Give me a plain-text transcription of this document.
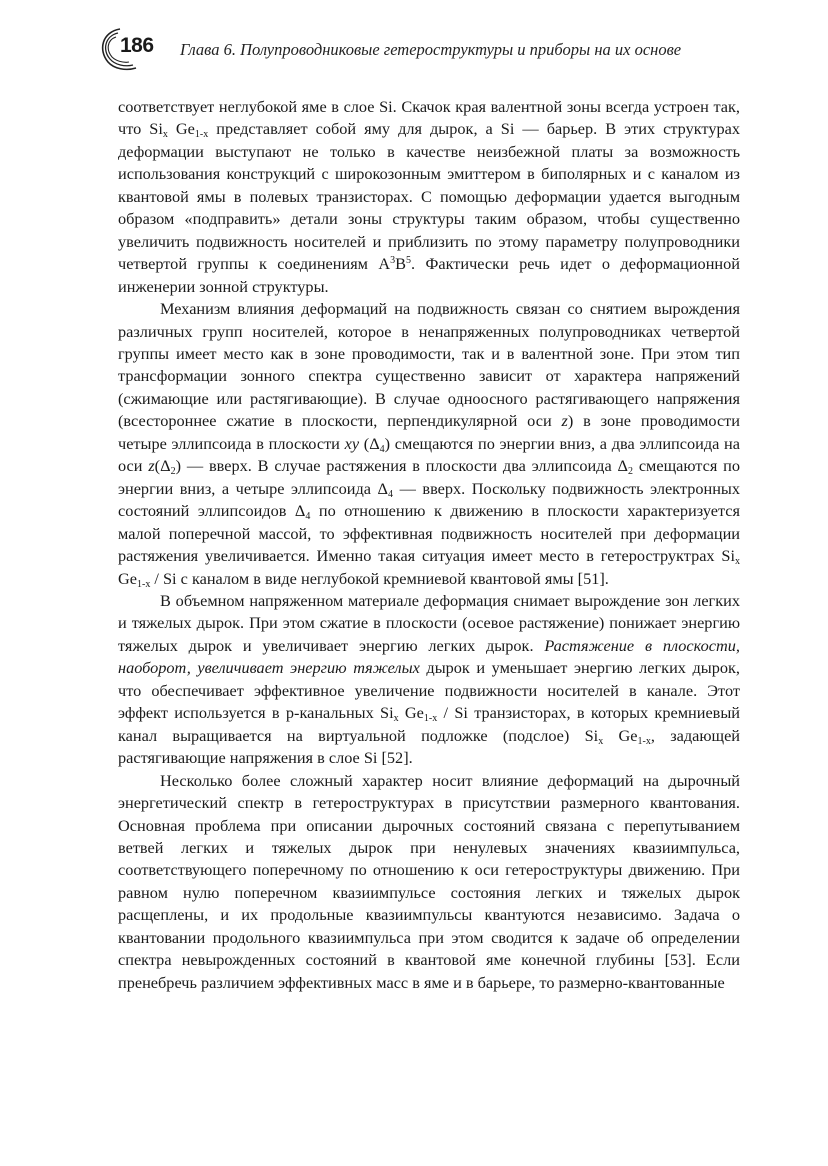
186 Глава 6. Полупроводниковые гетероструктуры и приборы на их основе

соответствует неглубокой яме в слое Si. Скачок края валентной зоны всегда устроен так, что $Si_x$ $Ge_{1-x}$ представляет собой яму для дырок, а Si — барьер. В этих структурах деформации выступают не только в качестве неизбежной платы за возможность использования конструкций с широкозонным эмиттером в биполярных и с каналом из квантовой ямы в полевых транзисторах. С помощью деформации удается выгодным образом «подправить» детали зоны структуры таким образом, чтобы существенно увеличить подвижность носителей и приблизить по этому параметру полупроводники четвертой группы к соединениям $A^3B^5$. Фактически речь идет о деформационной инженерии зонной структуры.

Механизм влияния деформаций на подвижность связан со снятием вырождения различных групп носителей, которое в ненапряженных полупроводниках четвертой группы имеет место как в зоне проводимости, так и в валентной зоне. При этом тип трансформации зонного спектра существенно зависит от характера напряжений (сжимающие или растягивающие). В случае одноосного растягивающего напряжения (всестороннее сжатие в плоскости, перпендикулярной оси z) в зоне проводимости четыре эллипсоида в плоскости xy $(\Delta_4)$ смещаются по энергии вниз, а два эллипсоида на оси $z(\Delta_2)$ — вверх. В случае растяжения в плоскости два эллипсоида $\Delta_2$ смещаются по энергии вниз, а четыре эллипсоида $\Delta_4$ — вверх. Поскольку подвижность электронных состояний эллипсоидов $\Delta_4$ по отношению к движению в плоскости характеризуется малой поперечной массой, то эффективная подвижность носителей при деформации растяжения увеличивается. Именно такая ситуация имеет место в гетероструктрах $Si_x$ $Ge_{1-x}$ / Si с каналом в виде неглубокой кремниевой квантовой ямы [51].

В объемном напряженном материале деформация снимает вырождение зон легких и тяжелых дырок. При этом сжатие в плоскости (осевое растяжение) понижает энергию тяжелых дырок и увеличивает энергию легких дырок. Растяжение в плоскости, наоборот, увеличивает энергию тяжелых дырок и уменьшает энергию легких дырок, что обеспечивает эффективное увеличение подвижности носителей в канале. Этот эффект используется в p-канальных $Si_x$ $Ge_{1-x}$ / Si транзисторах, в которых кремниевый канал выращивается на виртуальной подложке (подслое) $Si_x$ $Ge_{1-x}$, задающей растягивающие напряжения в слое Si [52].

Несколько более сложный характер носит влияние деформаций на дырочный энергетический спектр в гетероструктурах в присутствии размерного квантования. Основная проблема при описании дырочных состояний связана с перепутыванием ветвей легких и тяжелых дырок при ненулевых значениях квазиимпульса, соответствующего поперечному по отношению к оси гетероструктуры движению. При равном нулю поперечном квазиимпульсе состояния легких и тяжелых дырок расщеплены, и их продольные квазиимпульсы квантуются независимо. Задача о квантовании продольного квазиимпульса при этом сводится к задаче об определении спектра невырожденных состояний в квантовой яме конечной глубины [53]. Если пренебречь различием эффективных масс в яме и в барьере, то размерно-квантованные
